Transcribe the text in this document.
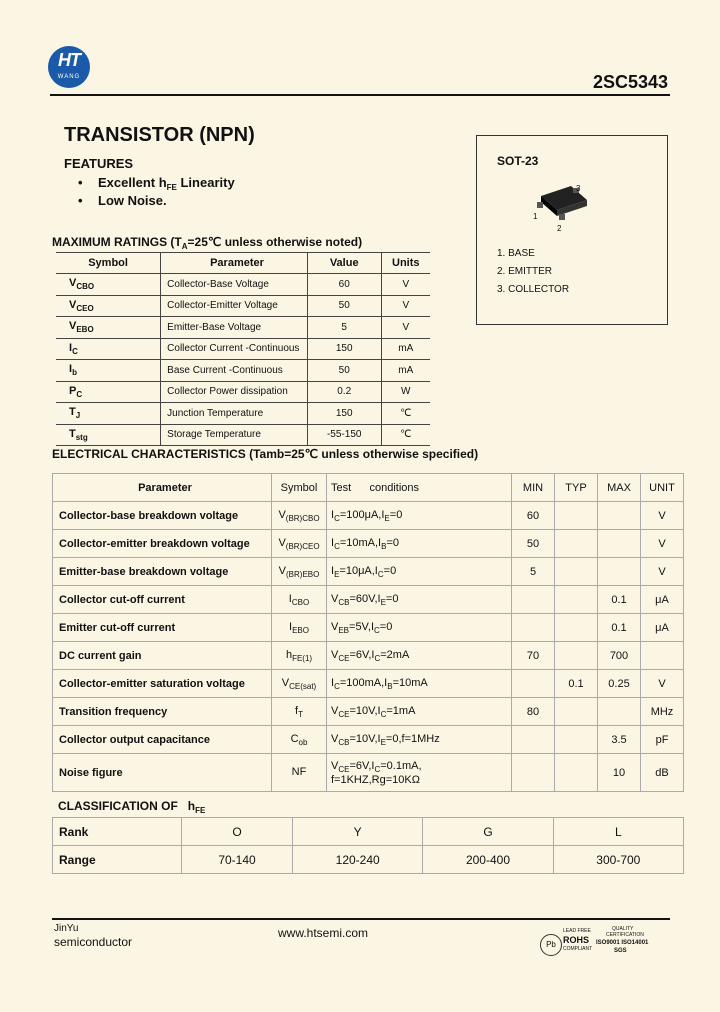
HT
WANG	2SC5343
TRANSISTOR (NPN)
FEATURES
• Excellent $h_{FE}$ Linearity
• Low Noise.
SOT-23
1
2
3
1. BASE
2. EMITTER
3. COLLECTOR
MAXIMUM RATINGS ($T_A=25℃$ unless otherwise noted)
Symbol	Parameter	Value	Units
$V_{CBO}$	Collector-Base Voltage	60	V
$V_{CEO}$	Collector-Emitter Voltage	50	V
$V_{EBO}$	Emitter-Base Voltage	5	V
$I_C$	Collector Current -Continuous	150	mA
$I_b$	Base Current -Continuous	50	mA
$P_C$	Collector Power dissipation	0.2	W
$T_J$	Junction Temperature	150	℃
$T_{stg}$	Storage Temperature	-55-150	℃
ELECTRICAL CHARACTERISTICS (Tamb=25℃ unless otherwise specified)
Parameter	Symbol	Test      conditions	MIN	TYP	MAX	UNIT
Collector-base breakdown voltage	$V_{(BR)CBO}$	$I_C=100\mu A,I_E=0$	60			V
Collector-emitter breakdown voltage	$V_{(BR)CEO}$	$I_C=10mA,I_B=0$	50			V
Emitter-base breakdown voltage	$V_{(BR)EBO}$	$I_E=10\mu A,I_C=0$	5			V
Collector cut-off current	$I_{CBO}$	$V_{CB}=60V,I_E=0$			0.1	μA
Emitter cut-off current	$I_{EBO}$	$V_{EB}=5V,I_C=0$			0.1	μA
DC current gain	$h_{FE(1)}$	$V_{CE}=6V,I_C=2mA$	70		700	
Collector-emitter saturation voltage	$V_{CE(sat)}$	$I_C=100mA,I_B=10mA$		0.1	0.25	V
Transition frequency	$f_T$	$V_{CE}=10V,I_C=1mA$	80			MHz
Collector output capacitance	$C_{ob}$	$V_{CB}=10V,I_E=0,f=1MHz$			3.5	pF
Noise figure	NF	$V_{CE}=6V,I_C=0.1mA$,
f=1KHZ,Rg=10KΩ			10	dB
CLASSIFICATION OF   $h_{FE}$
Rank	O	Y	G	L
Range	70-140	120-240	200-400	300-700
JinYu
semiconductor
www.htsemi.com
Pb
LEAD FREE
ROHS
COMPLIANT
QUALITY
CERTIFICATION
ISO9001 ISO14001
SGS
